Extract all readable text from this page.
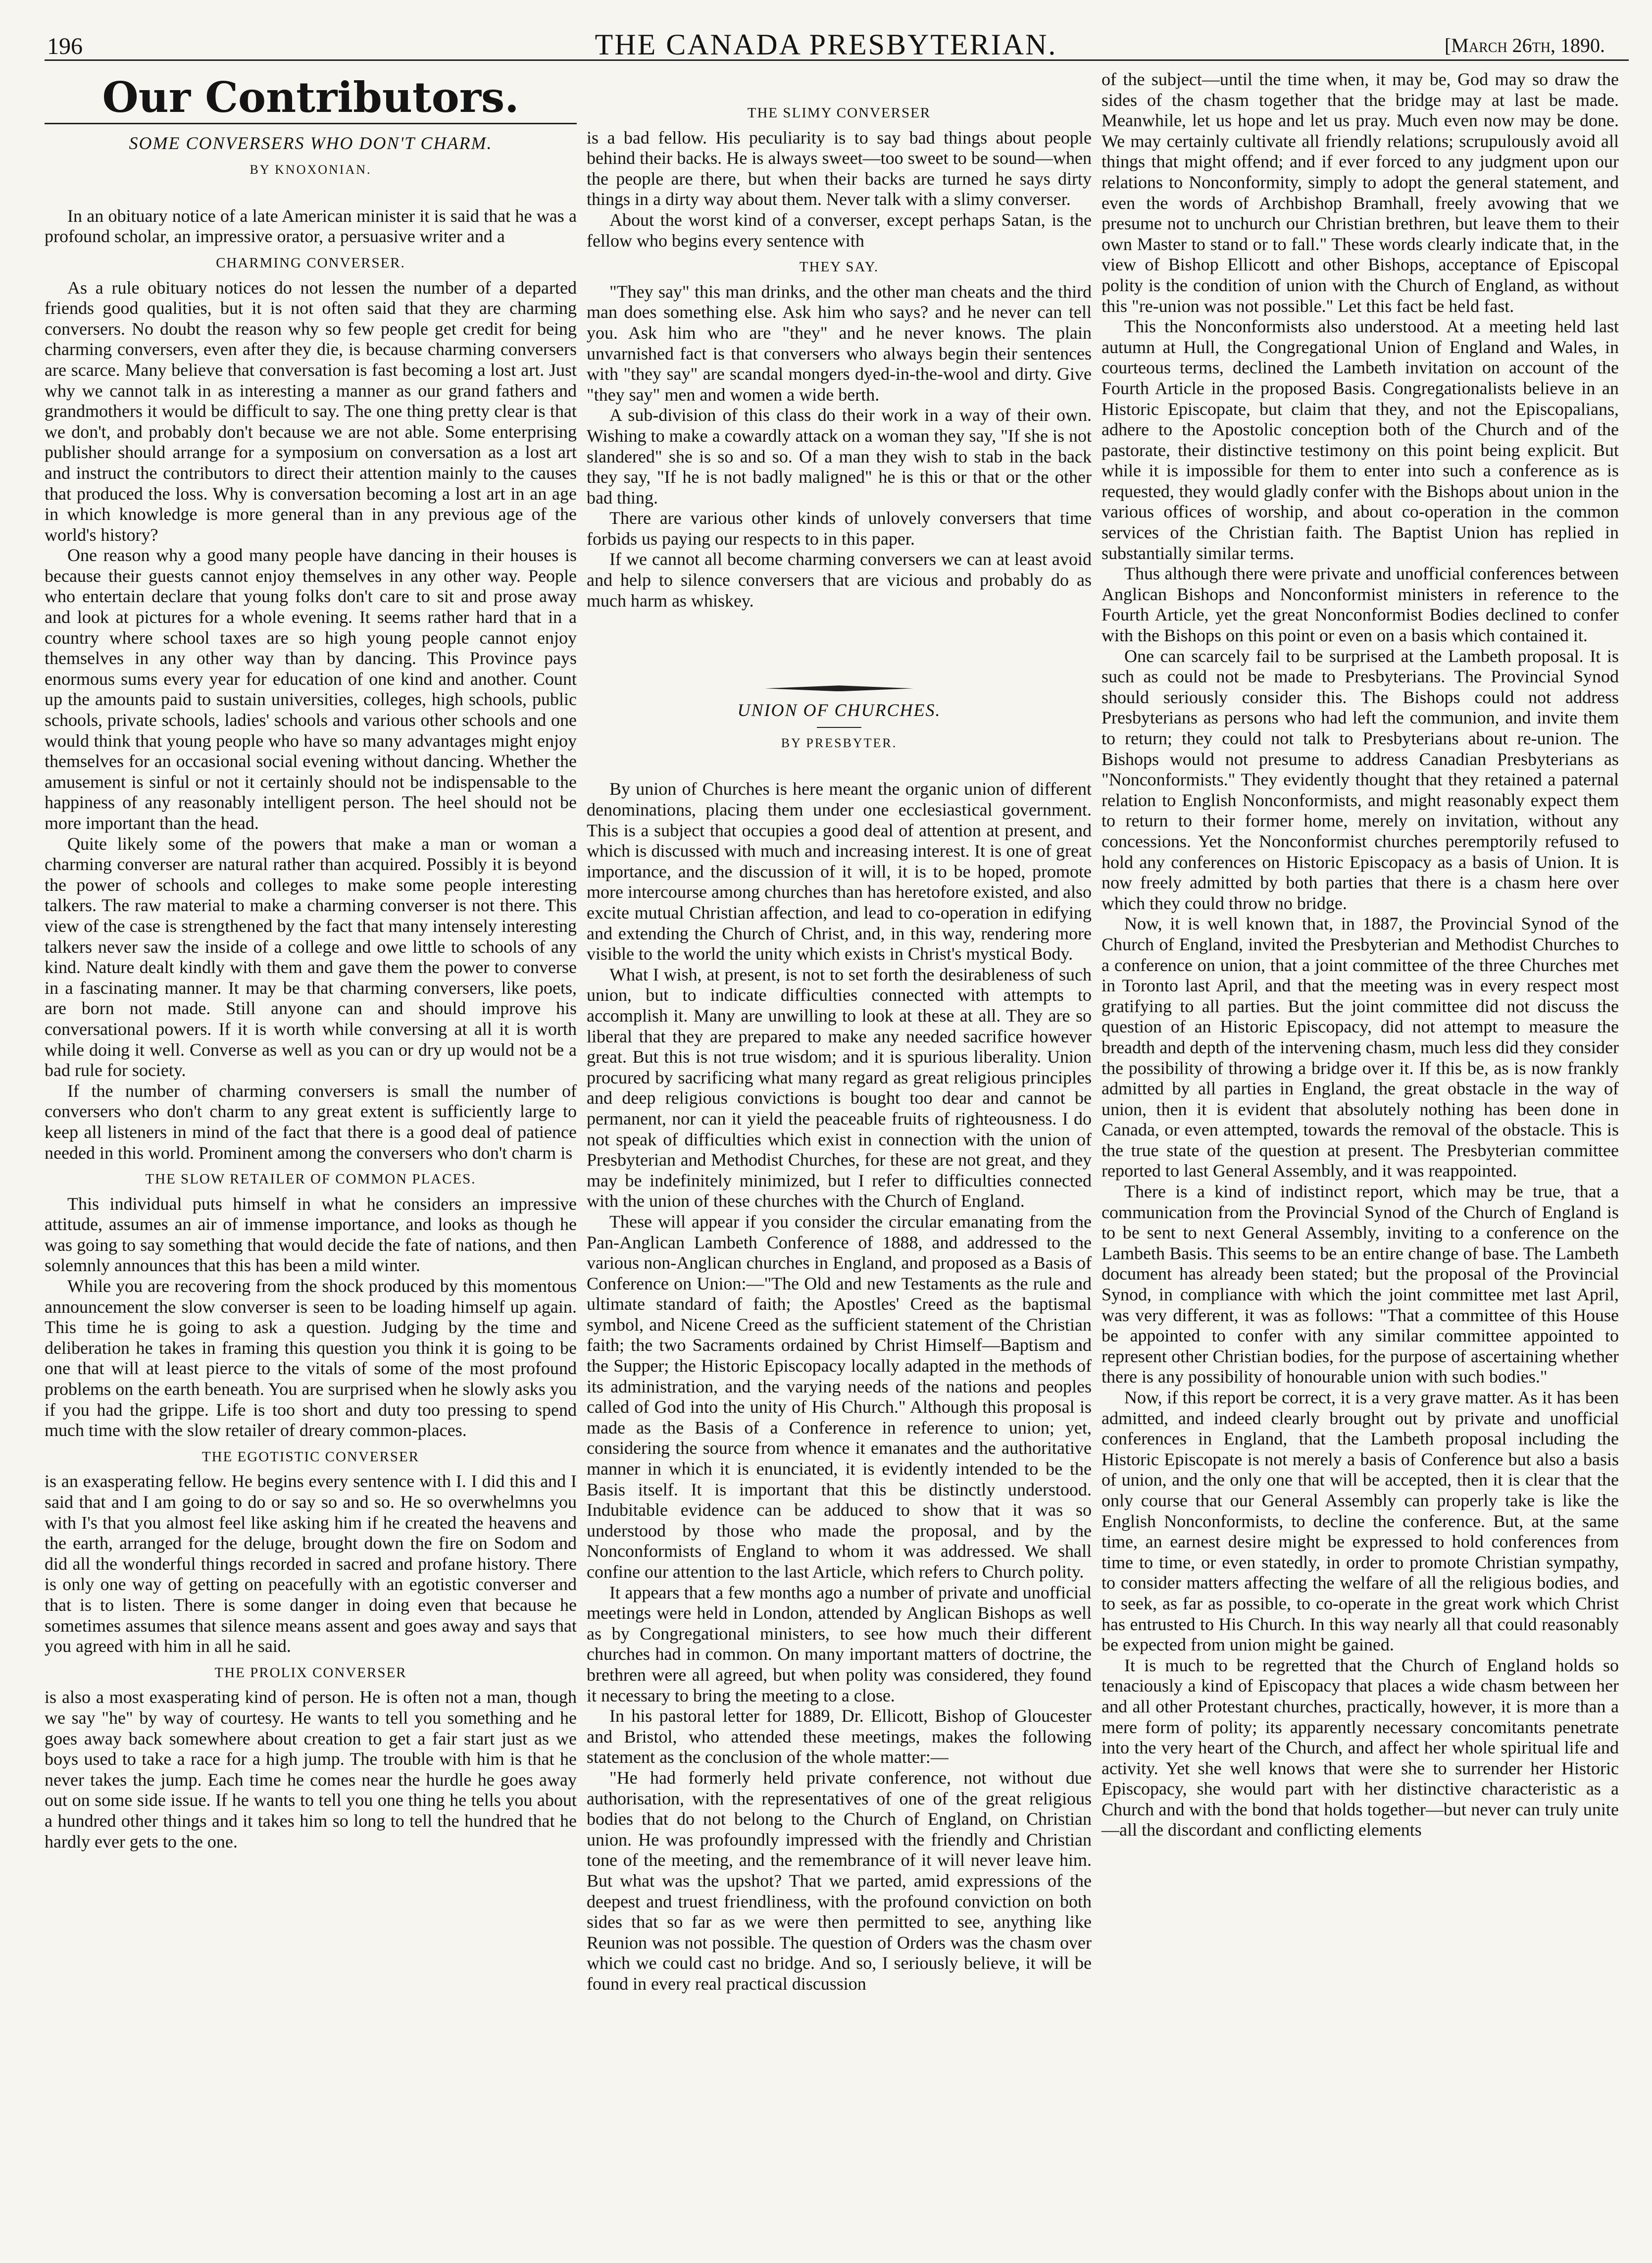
196	THE CANADA PRESBYTERIAN.	[March 26th, 1890.
Our Contributors.
SOME CONVERSERS WHO DON'T CHARM.
BY KNOXONIAN.

In an obituary notice of a late American minister it is said that he was a profound scholar, an impressive orator, a persuasive writer and a

CHARMING CONVERSER.

As a rule obituary notices do not lessen the number of a departed friends good qualities, but it is not often said that they are charming conversers. No doubt the reason why so few people get credit for being charming conversers, even after they die, is because charming conversers are scarce. Many believe that conversation is fast becoming a lost art. Just why we cannot talk in as interesting a manner as our grand fathers and grandmothers it would be difficult to say. The one thing pretty clear is that we don't, and probably don't because we are not able. Some enterprising publisher should arrange for a symposium on conversation as a lost art and instruct the contributors to direct their attention mainly to the causes that produced the loss. Why is conversation becoming a lost art in an age in which knowledge is more general than in any previous age of the world's history?

One reason why a good many people have dancing in their houses is because their guests cannot enjoy themselves in any other way. People who entertain declare that young folks don't care to sit and prose away and look at pictures for a whole evening. It seems rather hard that in a country where school taxes are so high young people cannot enjoy themselves in any other way than by dancing. This Province pays enormous sums every year for education of one kind and another. Count up the amounts paid to sustain universities, colleges, high schools, public schools, private schools, ladies' schools and various other schools and one would think that young people who have so many advantages might enjoy themselves for an occasional social evening without dancing. Whether the amusement is sinful or not it certainly should not be indispensable to the happiness of any reasonably intelligent person. The heel should not be more important than the head.

Quite likely some of the powers that make a man or woman a charming converser are natural rather than acquired. Possibly it is beyond the power of schools and colleges to make some people interesting talkers. The raw material to make a charming converser is not there. This view of the case is strengthened by the fact that many intensely interesting talkers never saw the inside of a college and owe little to schools of any kind. Nature dealt kindly with them and gave them the power to converse in a fascinating manner. It may be that charming conversers, like poets, are born not made. Still anyone can and should improve his conversational powers. If it is worth while conversing at all it is worth while doing it well. Converse as well as you can or dry up would not be a bad rule for society.

If the number of charming conversers is small the number of conversers who don't charm to any great extent is sufficiently large to keep all listeners in mind of the fact that there is a good deal of patience needed in this world. Prominent among the conversers who don't charm is

THE SLOW RETAILER OF COMMON PLACES.

This individual puts himself in what he considers an impressive attitude, assumes an air of immense importance, and looks as though he was going to say something that would decide the fate of nations, and then solemnly announces that this has been a mild winter.

While you are recovering from the shock produced by this momentous announcement the slow converser is seen to be loading himself up again. This time he is going to ask a question. Judging by the time and deliberation he takes in framing this question you think it is going to be one that will at least pierce to the vitals of some of the most profound problems on the earth beneath. You are surprised when he slowly asks you if you had the grippe. Life is too short and duty too pressing to spend much time with the slow retailer of dreary common-places.

THE EGOTISTIC CONVERSER

is an exasperating fellow. He begins every sentence with I. I did this and I said that and I am going to do or say so and so. He so overwhelmns you with I's that you almost feel like asking him if he created the heavens and the earth, arranged for the deluge, brought down the fire on Sodom and did all the wonderful things recorded in sacred and profane history. There is only one way of getting on peacefully with an egotistic converser and that is to listen. There is some danger in doing even that because he sometimes assumes that silence means assent and goes away and says that you agreed with him in all he said.

THE PROLIX CONVERSER

is also a most exasperating kind of person. He is often not a man, though we say "he" by way of courtesy. He wants to tell you something and he goes away back somewhere about creation to get a fair start just as we boys used to take a race for a high jump. The trouble with him is that he never takes the jump. Each time he comes near the hurdle he goes away out on some side issue. If he wants to tell you one thing he tells you about a hundred other things and it takes him so long to tell the hundred that he hardly ever gets to the one.

THE SLIMY CONVERSER

is a bad fellow. His peculiarity is to say bad things about people behind their backs. He is always sweet—too sweet to be sound—when the people are there, but when their backs are turned he says dirty things in a dirty way about them. Never talk with a slimy converser.

About the worst kind of a converser, except perhaps Satan, is the fellow who begins every sentence with

THEY SAY.

"They say" this man drinks, and the other man cheats and the third man does something else. Ask him who says? and he never can tell you. Ask him who are "they" and he never knows. The plain unvarnished fact is that conversers who always begin their sentences with "they say" are scandal mongers dyed-in-the-wool and dirty. Give "they say" men and women a wide berth.

A sub-division of this class do their work in a way of their own. Wishing to make a cowardly attack on a woman they say, "If she is not slandered" she is so and so. Of a man they wish to stab in the back they say, "If he is not badly maligned" he is this or that or the other bad thing.

There are various other kinds of unlovely conversers that time forbids us paying our respects to in this paper.

If we cannot all become charming conversers we can at least avoid and help to silence conversers that are vicious and probably do as much harm as whiskey.

UNION OF CHURCHES.
BY PRESBYTER.

By union of Churches is here meant the organic union of different denominations, placing them under one ecclesiastical government. This is a subject that occupies a good deal of attention at present, and which is discussed with much and increasing interest. It is one of great importance, and the discussion of it will, it is to be hoped, promote more intercourse among churches than has heretofore existed, and also excite mutual Christian affection, and lead to co-operation in edifying and extending the Church of Christ, and, in this way, rendering more visible to the world the unity which exists in Christ's mystical Body.

What I wish, at present, is not to set forth the desirableness of such union, but to indicate difficulties connected with attempts to accomplish it. Many are unwilling to look at these at all. They are so liberal that they are prepared to make any needed sacrifice however great. But this is not true wisdom; and it is spurious liberality. Union procured by sacrificing what many regard as great religious principles and deep religious convictions is bought too dear and cannot be permanent, nor can it yield the peaceable fruits of righteousness. I do not speak of difficulties which exist in connection with the union of Presbyterian and Methodist Churches, for these are not great, and they may be indefinitely minimized, but I refer to difficulties connected with the union of these churches with the Church of England.

These will appear if you consider the circular emanating from the Pan-Anglican Lambeth Conference of 1888, and addressed to the various non-Anglican churches in England, and proposed as a Basis of Conference on Union:—"The Old and new Testaments as the rule and ultimate standard of faith; the Apostles' Creed as the baptismal symbol, and Nicene Creed as the sufficient statement of the Christian faith; the two Sacraments ordained by Christ Himself—Baptism and the Supper; the Historic Episcopacy locally adapted in the methods of its administration, and the varying needs of the nations and peoples called of God into the unity of His Church." Although this proposal is made as the Basis of a Conference in reference to union; yet, considering the source from whence it emanates and the authoritative manner in which it is enunciated, it is evidently intended to be the Basis itself. It is important that this be distinctly understood. Indubitable evidence can be adduced to show that it was so understood by those who made the proposal, and by the Nonconformists of England to whom it was addressed. We shall confine our attention to the last Article, which refers to Church polity.

It appears that a few months ago a number of private and unofficial meetings were held in London, attended by Anglican Bishops as well as by Congregational ministers, to see how much their different churches had in common. On many important matters of doctrine, the brethren were all agreed, but when polity was considered, they found it necessary to bring the meeting to a close.

In his pastoral letter for 1889, Dr. Ellicott, Bishop of Gloucester and Bristol, who attended these meetings, makes the following statement as the conclusion of the whole matter:—

"He had formerly held private conference, not without due authorisation, with the representatives of one of the great religious bodies that do not belong to the Church of England, on Christian union. He was profoundly impressed with the friendly and Christian tone of the meeting, and the remembrance of it will never leave him. But what was the upshot? That we parted, amid expressions of the deepest and truest friendliness, with the profound conviction on both sides that so far as we were then permitted to see, anything like Reunion was not possible. The question of Orders was the chasm over which we could cast no bridge. And so, I seriously believe, it will be found in every real practical discussion

of the subject—until the time when, it may be, God may so draw the sides of the chasm together that the bridge may at last be made. Meanwhile, let us hope and let us pray. Much even now may be done. We may certainly cultivate all friendly relations; scrupulously avoid all things that might offend; and if ever forced to any judgment upon our relations to Nonconformity, simply to adopt the general statement, and even the words of Archbishop Bramhall, freely avowing that we presume not to unchurch our Christian brethren, but leave them to their own Master to stand or to fall." These words clearly indicate that, in the view of Bishop Ellicott and other Bishops, acceptance of Episcopal polity is the condition of union with the Church of England, as without this "re-union was not possible." Let this fact be held fast.

This the Nonconformists also understood. At a meeting held last autumn at Hull, the Congregational Union of England and Wales, in courteous terms, declined the Lambeth invitation on account of the Fourth Article in the proposed Basis. Congregationalists believe in an Historic Episcopate, but claim that they, and not the Episcopalians, adhere to the Apostolic conception both of the Church and of the pastorate, their distinctive testimony on this point being explicit. But while it is impossible for them to enter into such a conference as is requested, they would gladly confer with the Bishops about union in the various offices of worship, and about co-operation in the common services of the Christian faith. The Baptist Union has replied in substantially similar terms.

Thus although there were private and unofficial conferences between Anglican Bishops and Nonconformist ministers in reference to the Fourth Article, yet the great Nonconformist Bodies declined to confer with the Bishops on this point or even on a basis which contained it.

One can scarcely fail to be surprised at the Lambeth proposal. It is such as could not be made to Presbyterians. The Provincial Synod should seriously consider this. The Bishops could not address Presbyterians as persons who had left the communion, and invite them to return; they could not talk to Presbyterians about re-union. The Bishops would not presume to address Canadian Presbyterians as "Nonconformists." They evidently thought that they retained a paternal relation to English Nonconformists, and might reasonably expect them to return to their former home, merely on invitation, without any concessions. Yet the Nonconformist churches peremptorily refused to hold any conferences on Historic Episcopacy as a basis of Union. It is now freely admitted by both parties that there is a chasm here over which they could throw no bridge.

Now, it is well known that, in 1887, the Provincial Synod of the Church of England, invited the Presbyterian and Methodist Churches to a conference on union, that a joint committee of the three Churches met in Toronto last April, and that the meeting was in every respect most gratifying to all parties. But the joint committee did not discuss the question of an Historic Episcopacy, did not attempt to measure the breadth and depth of the intervening chasm, much less did they consider the possibility of throwing a bridge over it. If this be, as is now frankly admitted by all parties in England, the great obstacle in the way of union, then it is evident that absolutely nothing has been done in Canada, or even attempted, towards the removal of the obstacle. This is the true state of the question at present. The Presbyterian committee reported to last General Assembly, and it was reappointed.

There is a kind of indistinct report, which may be true, that a communication from the Provincial Synod of the Church of England is to be sent to next General Assembly, inviting to a conference on the Lambeth Basis. This seems to be an entire change of base. The Lambeth document has already been stated; but the proposal of the Provincial Synod, in compliance with which the joint committee met last April, was very different, it was as follows: "That a committee of this House be appointed to confer with any similar committee appointed to represent other Christian bodies, for the purpose of ascertaining whether there is any possibility of honourable union with such bodies."

Now, if this report be correct, it is a very grave matter. As it has been admitted, and indeed clearly brought out by private and unofficial conferences in England, that the Lambeth proposal including the Historic Episcopate is not merely a basis of Conference but also a basis of union, and the only one that will be accepted, then it is clear that the only course that our General Assembly can properly take is like the English Nonconformists, to decline the conference. But, at the same time, an earnest desire might be expressed to hold conferences from time to time, or even statedly, in order to promote Christian sympathy, to consider matters affecting the welfare of all the religious bodies, and to seek, as far as possible, to co-operate in the great work which Christ has entrusted to His Church. In this way nearly all that could reasonably be expected from union might be gained.

It is much to be regretted that the Church of England holds so tenaciously a kind of Episcopacy that places a wide chasm between her and all other Protestant churches, practically, however, it is more than a mere form of polity; its apparently necessary concomitants penetrate into the very heart of the Church, and affect her whole spiritual life and activity. Yet she well knows that were she to surrender her Historic Episcopacy, she would part with her distinctive characteristic as a Church and with the bond that holds together—but never can truly unite—all the discordant and conflicting elements
